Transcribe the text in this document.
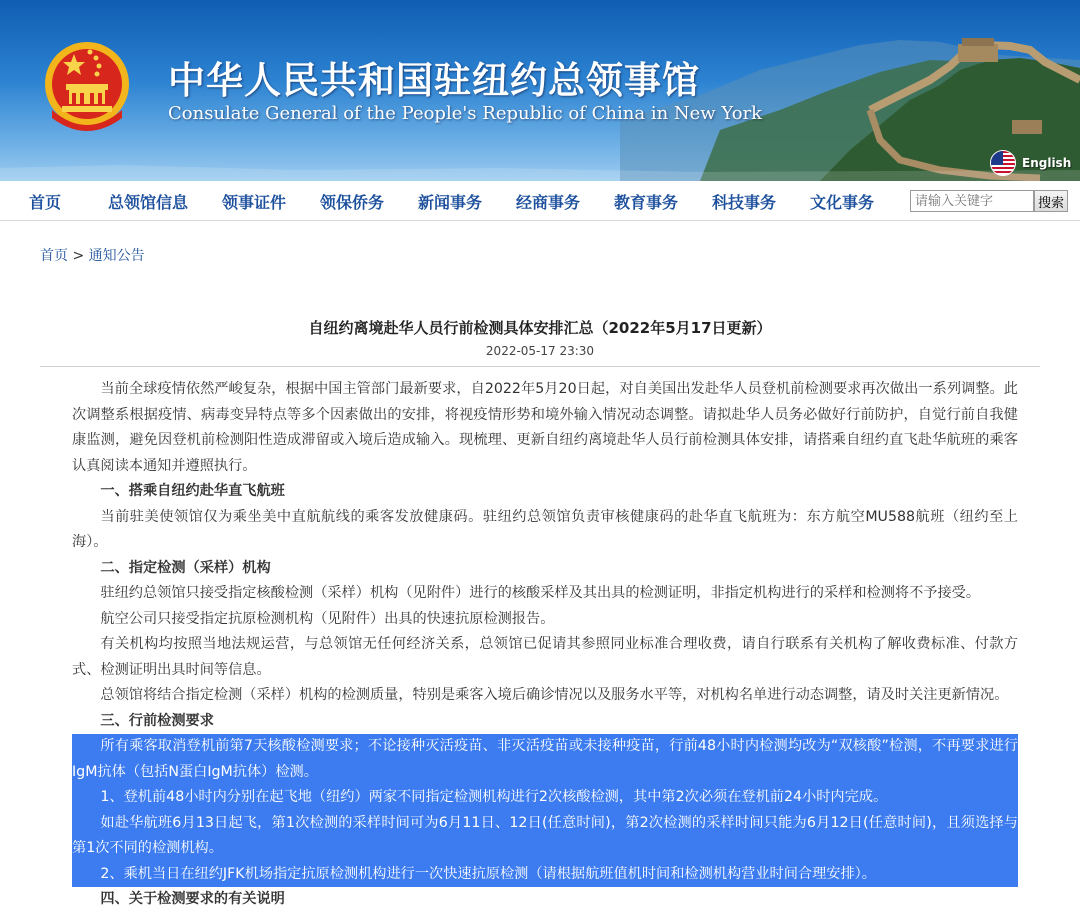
中华人民共和国驻纽约总领事馆
Consulate General of the People's Republic of China in New York
English
首页	总领馆信息 领事证件 领保侨务 新闻事务 经商事务 教育事务 科技事务 文化事务
请输入关键字	搜索
首页 > 通知公告
自纽约离境赴华人员行前检测具体安排汇总（2022年5月17日更新）
2022-05-17 23:30

当前全球疫情依然严峻复杂，根据中国主管部门最新要求，自2022年5月20日起，对自美国出发赴华人员登机前检测要求再次做出一系列调整。此次调整系根据疫情、病毒变异特点等多个因素做出的安排，将视疫情形势和境外输入情况动态调整。请拟赴华人员务必做好行前防护，自觉行前自我健康监测，避免因登机前检测阳性造成滞留或入境后造成输入。现梳理、更新自纽约离境赴华人员行前检测具体安排，请搭乘自纽约直飞赴华航班的乘客认真阅读本通知并遵照执行。

一、搭乘自纽约赴华直飞航班

当前驻美使领馆仅为乘坐美中直航航线的乘客发放健康码。驻纽约总领馆负责审核健康码的赴华直飞航班为：东方航空MU588航班（纽约至上海）。

二、指定检测（采样）机构

驻纽约总领馆只接受指定核酸检测（采样）机构（见附件）进行的核酸采样及其出具的检测证明，非指定机构进行的采样和检测将不予接受。

航空公司只接受指定抗原检测机构（见附件）出具的快速抗原检测报告。

有关机构均按照当地法规运营，与总领馆无任何经济关系，总领馆已促请其参照同业标准合理收费，请自行联系有关机构了解收费标准、付款方式、检测证明出具时间等信息。

总领馆将结合指定检测（采样）机构的检测质量，特别是乘客入境后确诊情况以及服务水平等，对机构名单进行动态调整，请及时关注更新情况。

三、行前检测要求

所有乘客取消登机前第7天核酸检测要求；不论接种灭活疫苗、非灭活疫苗或未接种疫苗，行前48小时内检测均改为“双核酸”检测，不再要求进行IgM抗体（包括N蛋白IgM抗体）检测。

1、登机前48小时内分别在起飞地（纽约）两家不同指定检测机构进行2次核酸检测，其中第2次必须在登机前24小时内完成。

如赴华航班6月13日起飞，第1次检测的采样时间可为6月11日、12日(任意时间)，第2次检测的采样时间只能为6月12日(任意时间)，且须选择与第1次不同的检测机构。

2、乘机当日在纽约JFK机场指定抗原检测机构进行一次快速抗原检测（请根据航班值机时间和检测机构营业时间合理安排）。

四、关于检测要求的有关说明
